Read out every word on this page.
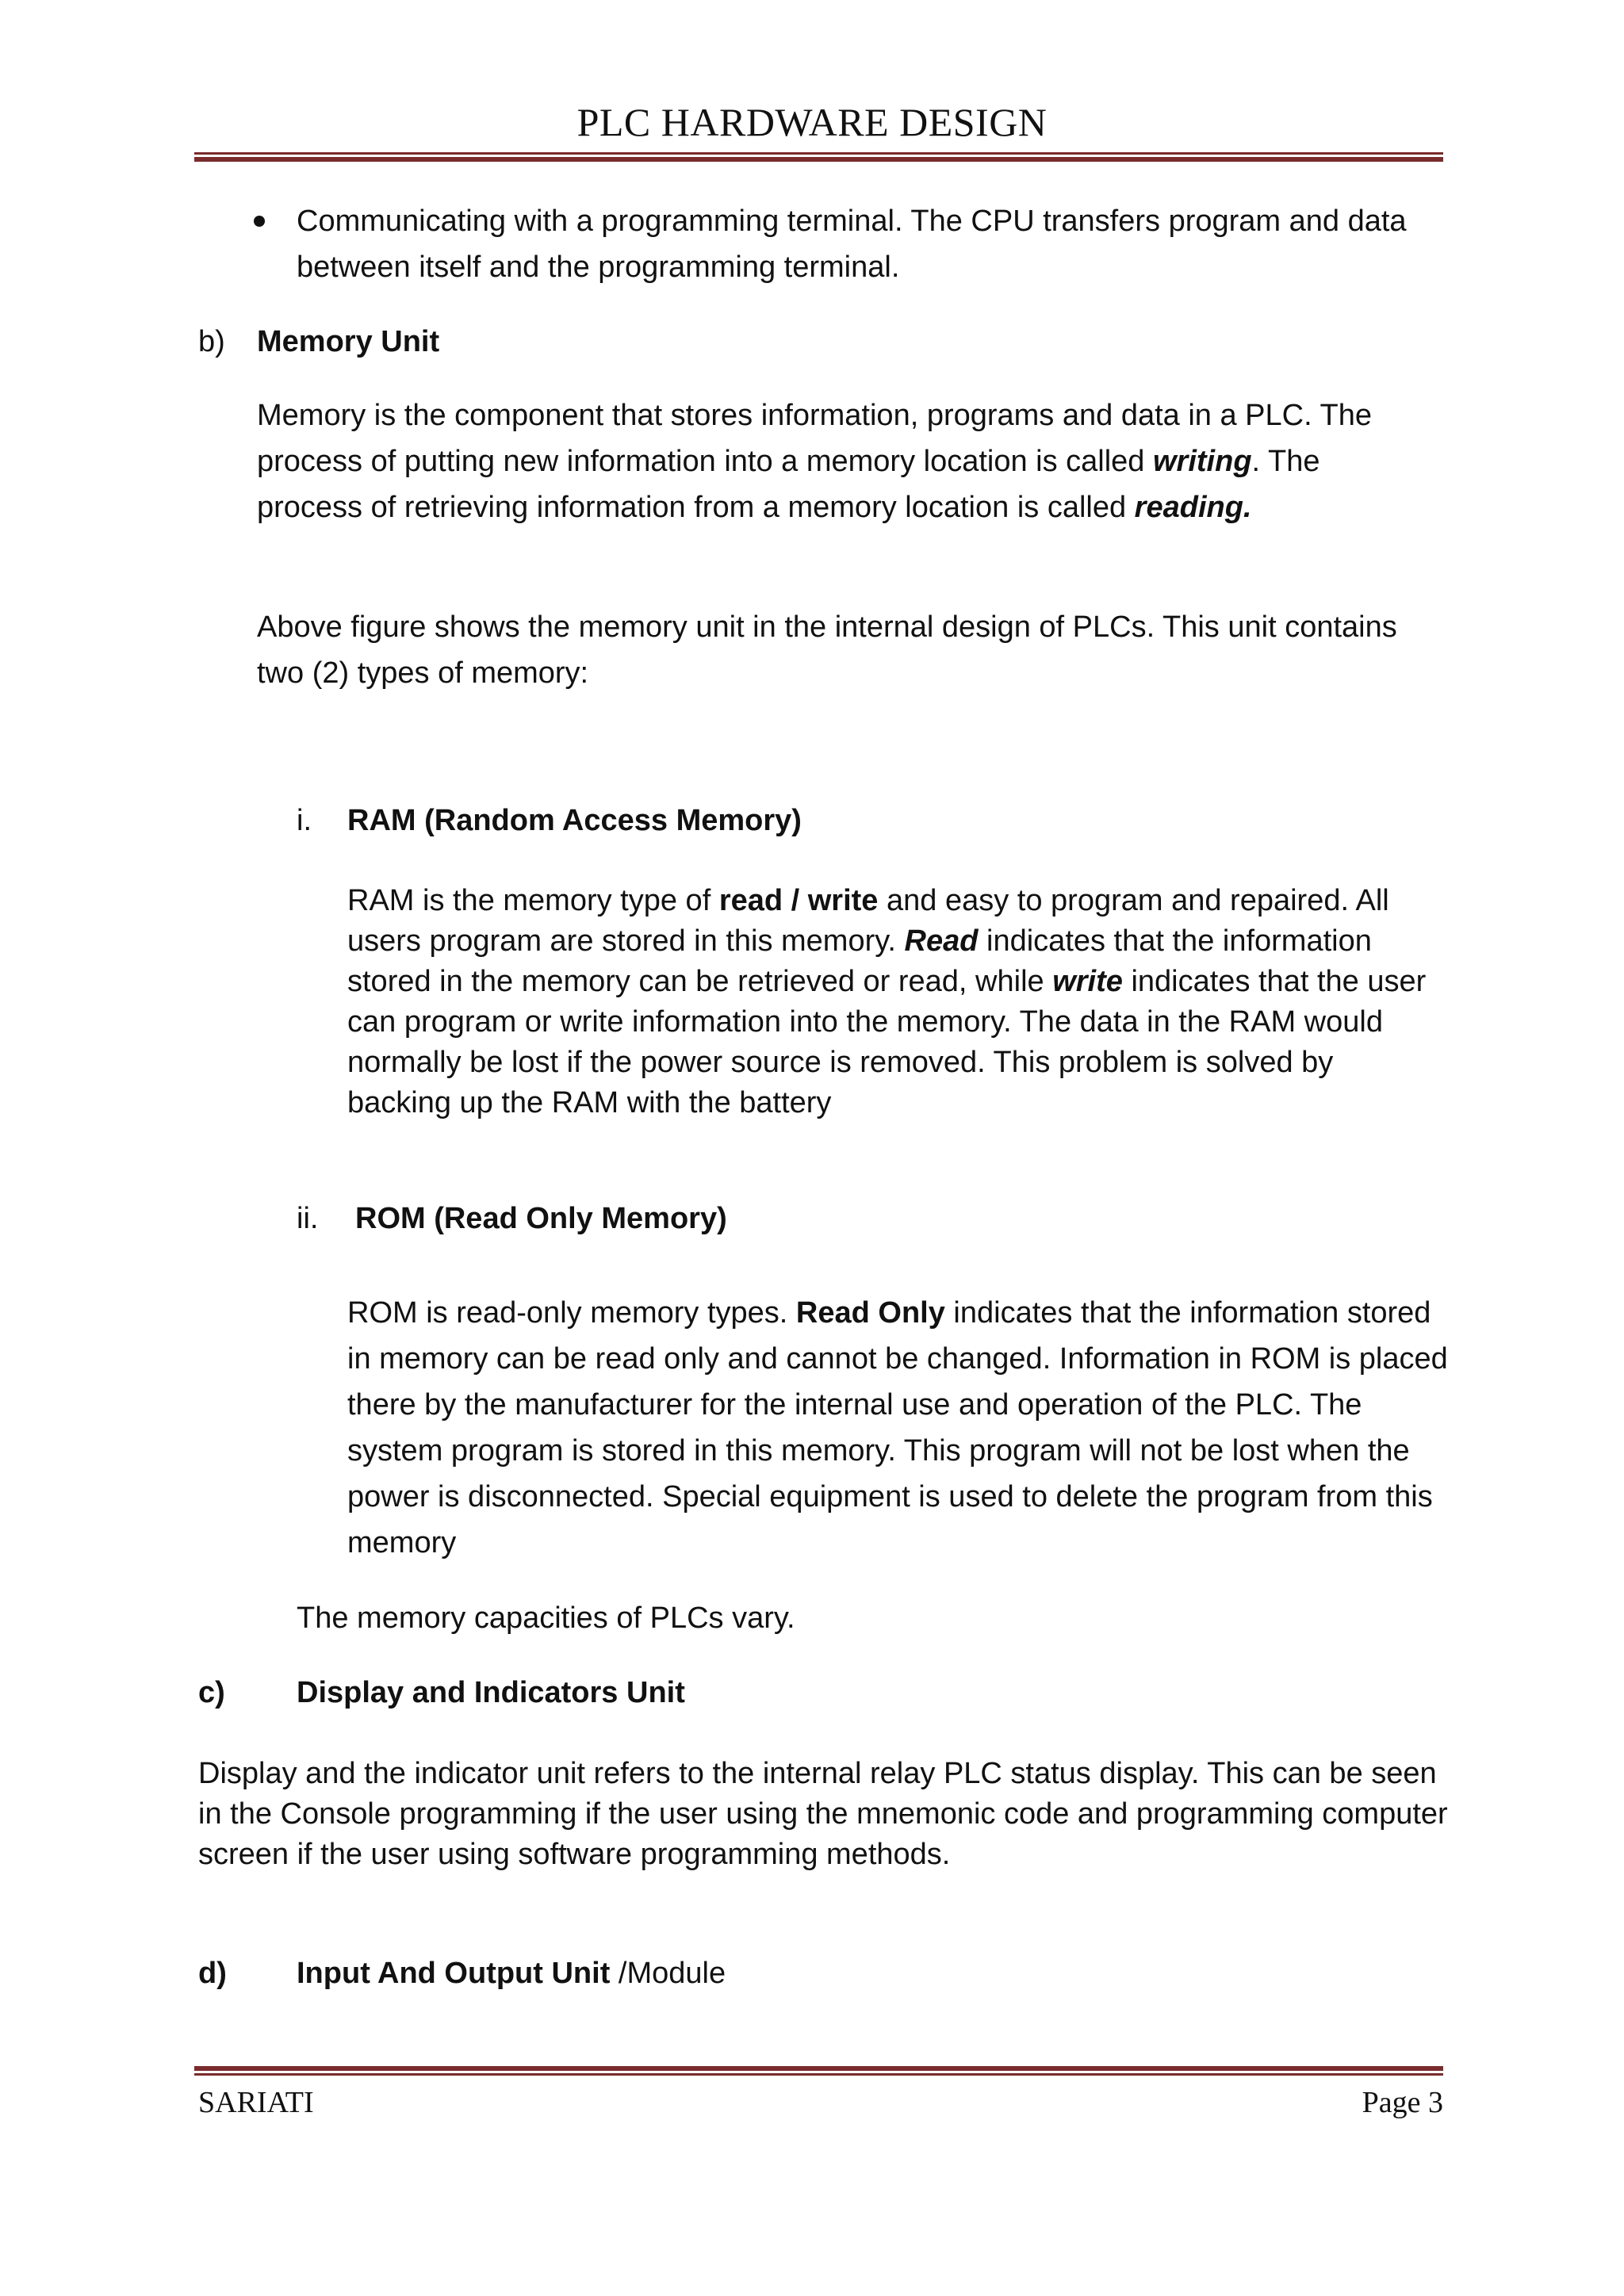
PLC HARDWARE DESIGN
Communicating with a programming terminal. The CPU transfers program and data between itself and the programming terminal.
b) Memory Unit
Memory is the component that stores information, programs and data in a PLC. The process of putting new information into a memory location is called writing. The process of retrieving information from a memory location is called reading.
Above figure shows the memory unit in the internal design of PLCs. This unit contains two (2) types of memory:
i. RAM (Random Access Memory)
RAM is the memory type of read / write and easy to program and repaired. All users program are stored in this memory. Read indicates that the information stored in the memory can be retrieved or read, while write indicates that the user can program or write information into the memory. The data in the RAM would normally be lost if the power source is removed. This problem is solved by backing up the RAM with the battery
ii. ROM (Read Only Memory)
ROM is read-only memory types. Read Only indicates that the information stored in memory can be read only and cannot be changed. Information in ROM is placed there by the manufacturer for the internal use and operation of the PLC. The system program is stored in this memory. This program will not be lost when the power is disconnected. Special equipment is used to delete the program from this memory
The memory capacities of PLCs vary.
c) Display and Indicators Unit
Display and the indicator unit refers to the internal relay PLC status display. This can be seen in the Console programming if the user using the mnemonic code and programming computer screen if the user using software programming methods.
d) Input And Output Unit /Module
SARIATI	Page 3
